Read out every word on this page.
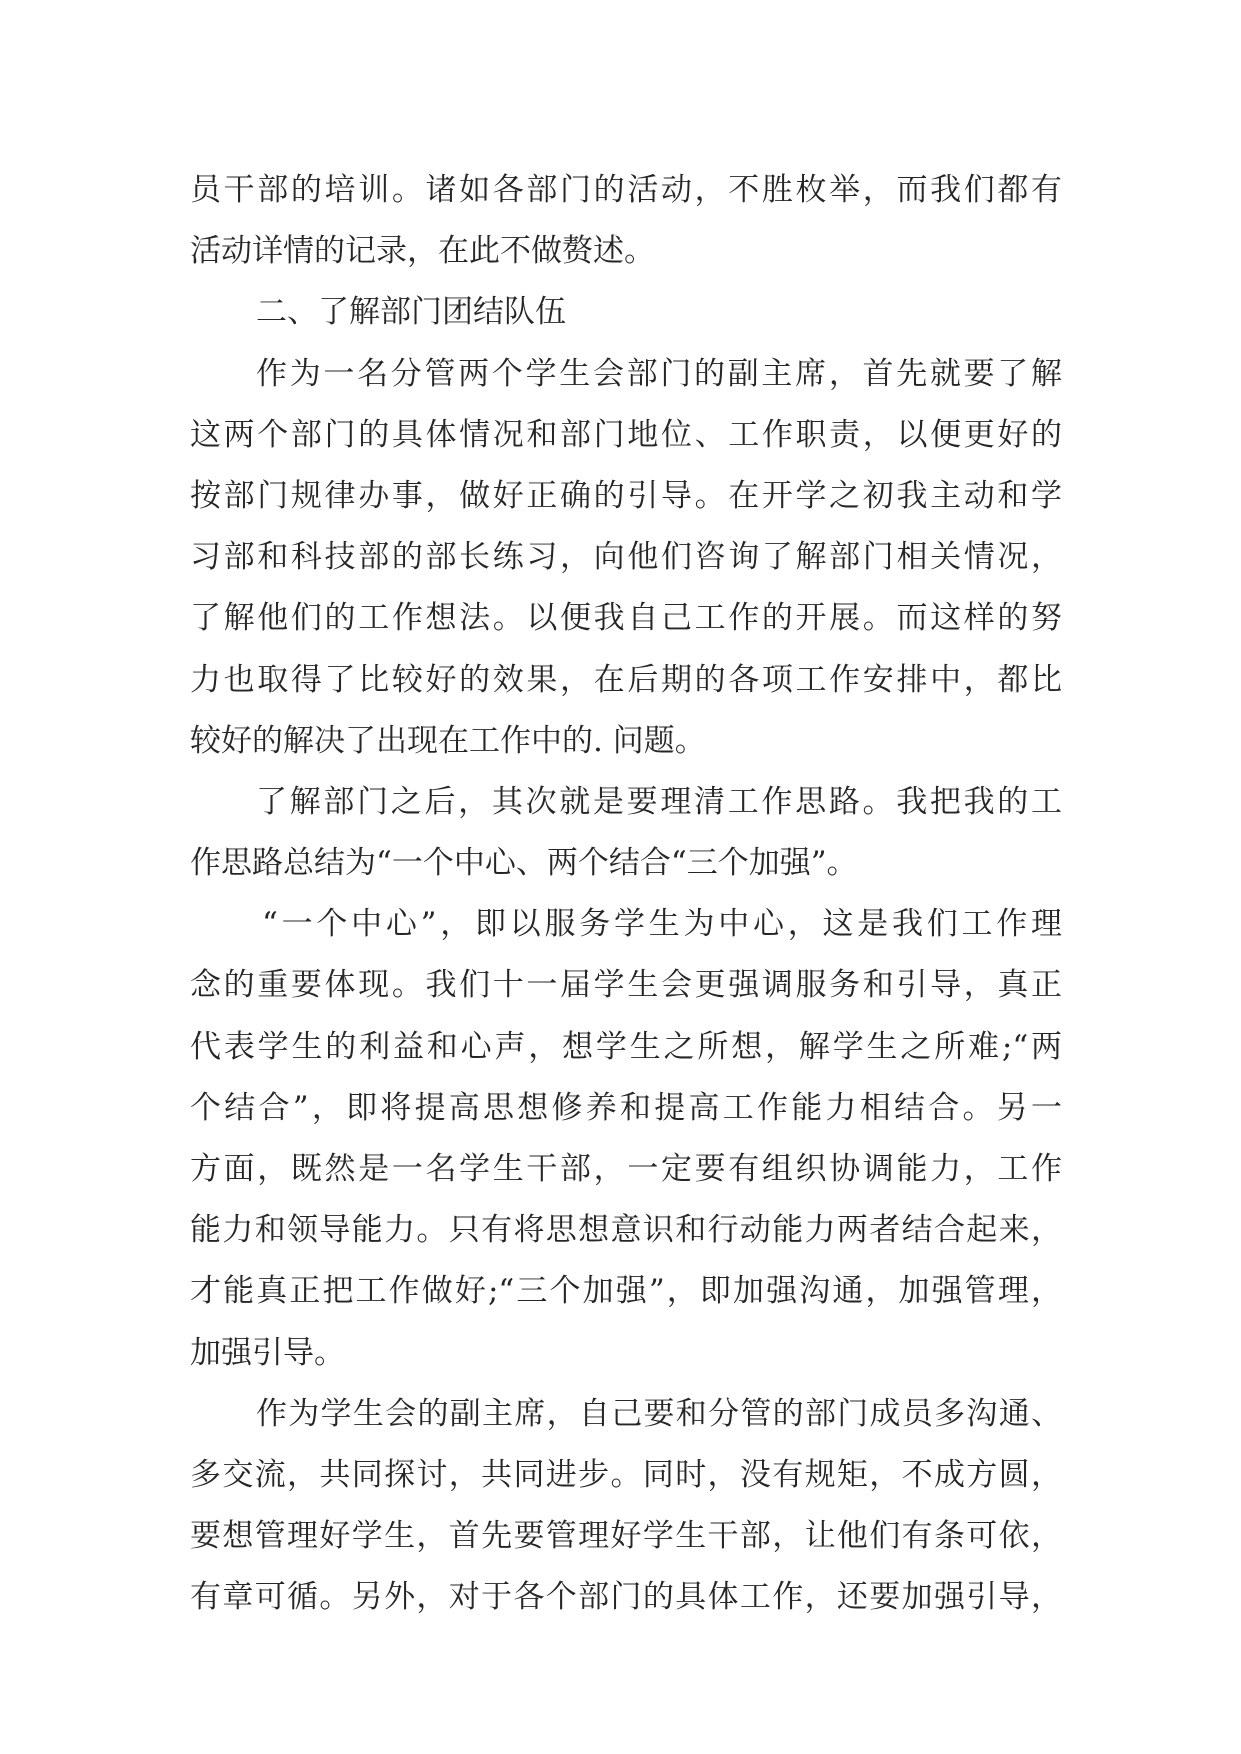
员干部的培训。诸如各部门的活动，不胜枚举，而我们都有
活动详情的记录，在此不做赘述。
二、了解部门团结队伍
作为一名分管两个学生会部门的副主席，首先就要了解
这两个部门的具体情况和部门地位、工作职责，以便更好的
按部门规律办事，做好正确的引导。在开学之初我主动和学
习部和科技部的部长练习，向他们咨询了解部门相关情况，
了解他们的工作想法。以便我自己工作的开展。而这样的努
力也取得了比较好的效果，在后期的各项工作安排中，都比
较好的解决了出现在工作中的. 问题。
了解部门之后，其次就是要理清工作思路。我把我的工
作思路总结为“一个中心、两个结合“三个加强”。
“一个中心”，即以服务学生为中心，这是我们工作理
念的重要体现。我们十一届学生会更强调服务和引导，真正
代表学生的利益和心声，想学生之所想，解学生之所难;“两
个结合”，即将提高思想修养和提高工作能力相结合。另一
方面，既然是一名学生干部，一定要有组织协调能力，工作
能力和领导能力。只有将思想意识和行动能力两者结合起来，
才能真正把工作做好;“三个加强”，即加强沟通，加强管理，
加强引导。
作为学生会的副主席，自己要和分管的部门成员多沟通、
多交流，共同探讨，共同进步。同时，没有规矩，不成方圆，
要想管理好学生，首先要管理好学生干部，让他们有条可依，
有章可循。另外，对于各个部门的具体工作，还要加强引导，
